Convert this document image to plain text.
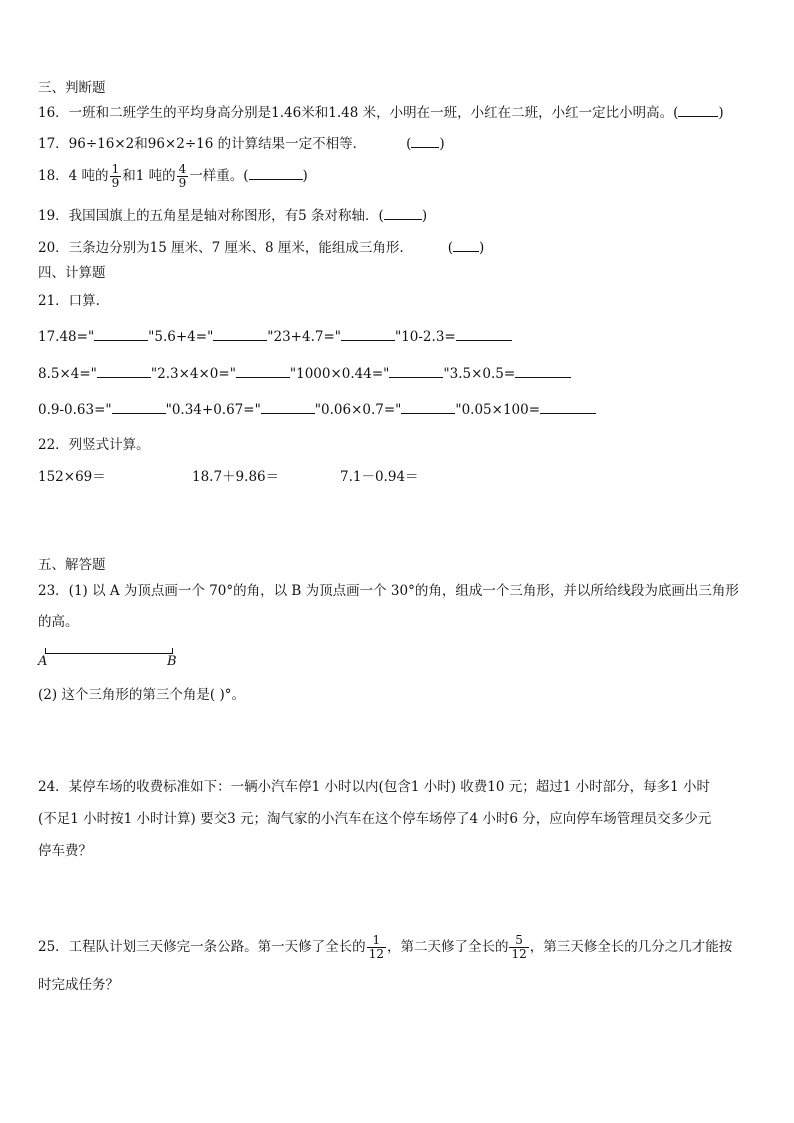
三、判断题
16．一班和二班学生的平均身高分别是1.46米和1.48 米，小明在一班，小红在二班，小红一定比小明高。(	)
17．96÷16×2和96×2÷16 的计算结果一定不相等．	( )
18．4 吨的 $\frac{1}{9}$ 和1 吨的 $\frac{4}{9}$ 一样重。(	)
19．我国国旗上的五角星是轴对称图形，有5 条对称轴．(	)
20．三条边分别为15 厘米、7 厘米、8 厘米，能组成三角形.	( )
四、计算题
21．口算.
17.48="	"5.6+4="	"23+4.7="	"10-2.3=
8.5×4="	"2.3×4×0="	"1000×0.44="	"3.5×0.5=
0.9-0.63="	"0.34+0.67="	"0.06×0.7="	"0.05×100=
22．列竖式计算。
152×69＝	18.7＋9.86＝	7.1－0.94＝
五、解答题
23．(1) 以 A 为顶点画一个 70°的角，以 B 为顶点画一个 30°的角，组成一个三角形，并以所给线段为底画出三角形
的高。
A	B
(2) 这个三角形的第三个角是( )°。
24．某停车场的收费标准如下：一辆小汽车停1 小时以内(包含1 小时) 收费10 元；超过1 小时部分，每多1 小时
(不足1 小时按1 小时计算) 要交3 元；淘气家的小汽车在这个停车场停了4 小时6 分，应向停车场管理员交多少元
停车费？
25．工程队计划三天修完一条公路。第一天修了全长的 $\frac{1}{12}$ ，第二天修了全长的 $\frac{5}{12}$ ，第三天修全长的几分之几才能按
时完成任务？
